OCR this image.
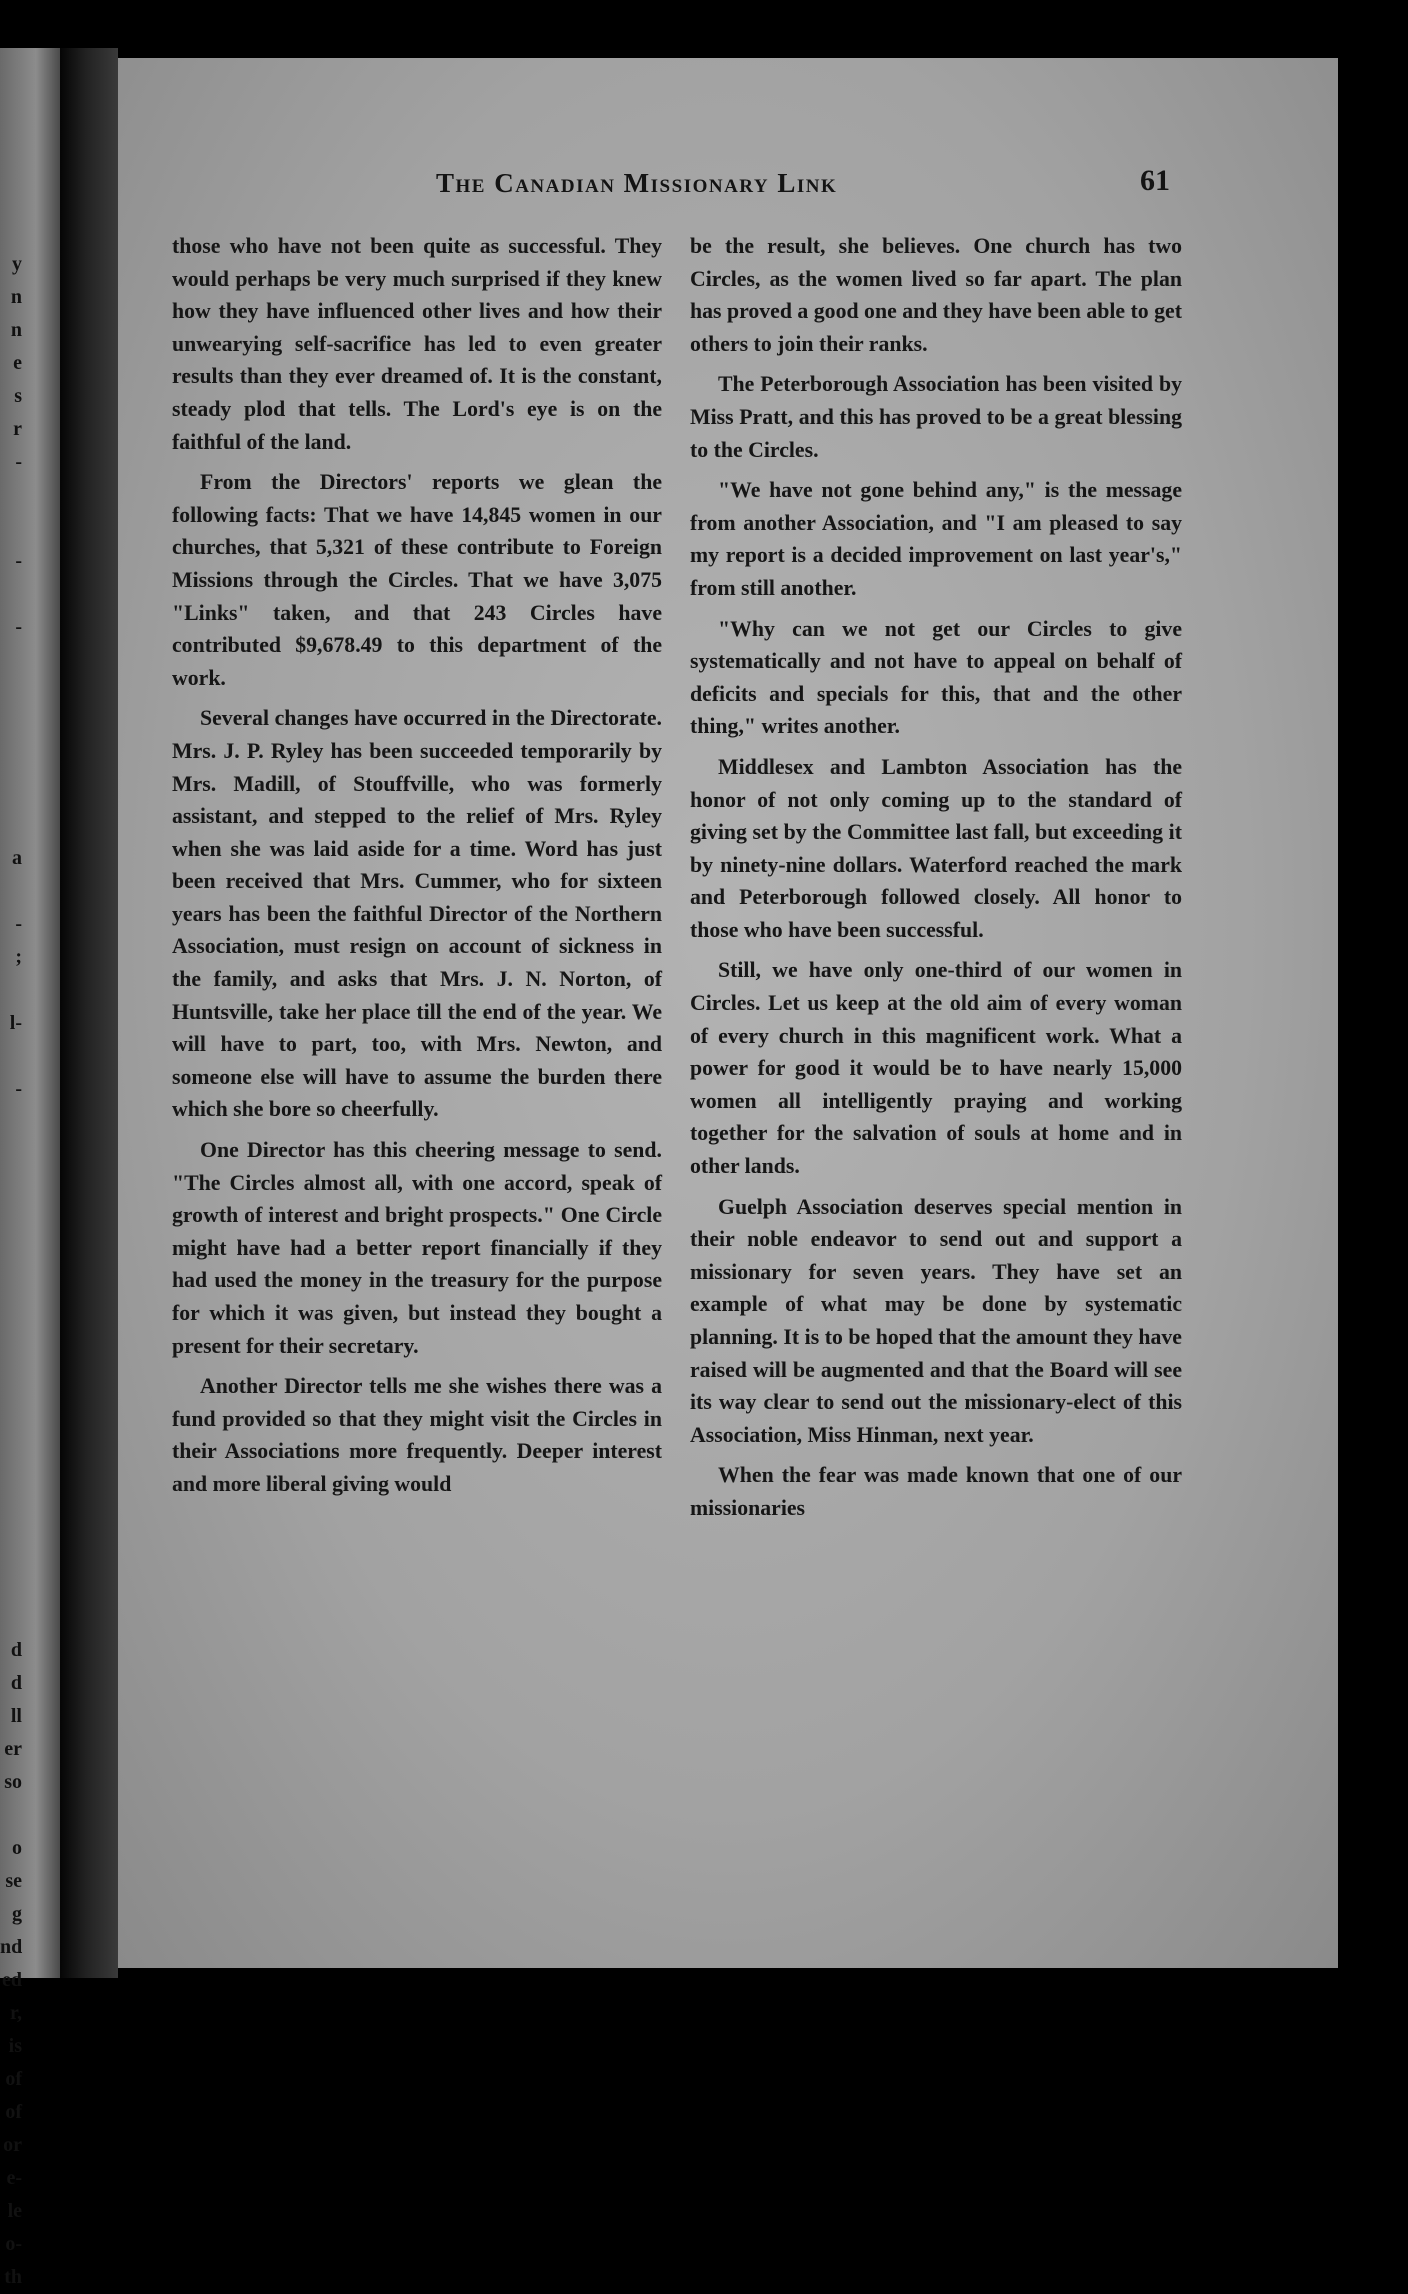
y
n
n
e
s
r
-

-

-

a

-
;

l-

-

d
d
ll
er
so

o
se
g
nd
ed
r,
is
of
of
or
e-
le
o-
th
The Canadian Missionary Link	61

those who have not been quite as successful. They would perhaps be very much surprised if they knew how they have influenced other lives and how their unwearying self-sacrifice has led to even greater results than they ever dreamed of. It is the constant, steady plod that tells. The Lord's eye is on the faithful of the land.

From the Directors' reports we glean the following facts: That we have 14,845 women in our churches, that 5,321 of these contribute to Foreign Missions through the Circles. That we have 3,075 "Links" taken, and that 243 Circles have contributed $9,678.49 to this department of the work.

Several changes have occurred in the Directorate. Mrs. J. P. Ryley has been succeeded temporarily by Mrs. Madill, of Stouffville, who was formerly assistant, and stepped to the relief of Mrs. Ryley when she was laid aside for a time. Word has just been received that Mrs. Cummer, who for sixteen years has been the faithful Director of the Northern Association, must resign on account of sickness in the family, and asks that Mrs. J. N. Norton, of Huntsville, take her place till the end of the year. We will have to part, too, with Mrs. Newton, and someone else will have to assume the burden there which she bore so cheerfully.

One Director has this cheering message to send. "The Circles almost all, with one accord, speak of growth of interest and bright prospects." One Circle might have had a better report financially if they had used the money in the treasury for the purpose for which it was given, but instead they bought a present for their secretary.

Another Director tells me she wishes there was a fund provided so that they might visit the Circles in their Associations more frequently. Deeper interest and more liberal giving would

be the result, she believes. One church has two Circles, as the women lived so far apart. The plan has proved a good one and they have been able to get others to join their ranks.

The Peterborough Association has been visited by Miss Pratt, and this has proved to be a great blessing to the Circles.

"We have not gone behind any," is the message from another Association, and "I am pleased to say my report is a decided improvement on last year's," from still another.

"Why can we not get our Circles to give systematically and not have to appeal on behalf of deficits and specials for this, that and the other thing," writes another.

Middlesex and Lambton Association has the honor of not only coming up to the standard of giving set by the Committee last fall, but exceeding it by ninety-nine dollars. Waterford reached the mark and Peterborough followed closely. All honor to those who have been successful.

Still, we have only one-third of our women in Circles. Let us keep at the old aim of every woman of every church in this magnificent work. What a power for good it would be to have nearly 15,000 women all intelligently praying and working together for the salvation of souls at home and in other lands.

Guelph Association deserves special mention in their noble endeavor to send out and support a missionary for seven years. They have set an example of what may be done by systematic planning. It is to be hoped that the amount they have raised will be augmented and that the Board will see its way clear to send out the missionary-elect of this Association, Miss Hinman, next year.

When the fear was made known that one of our missionaries
